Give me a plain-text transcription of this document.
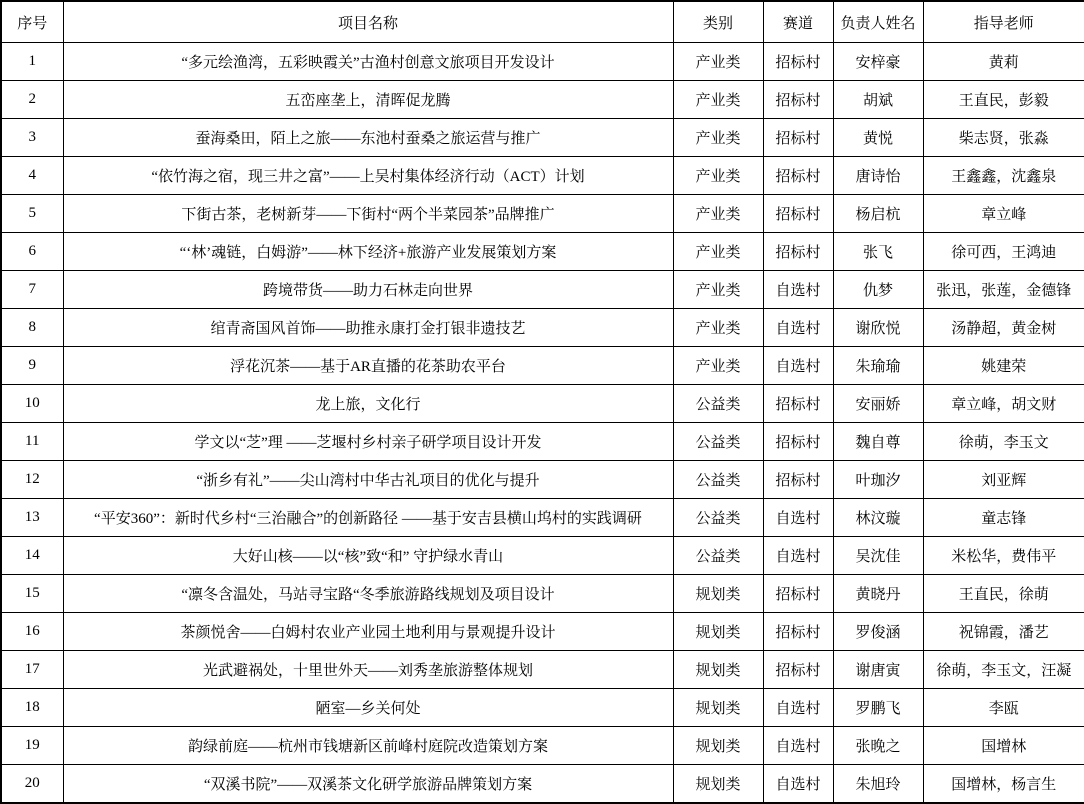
序号	项目名称	类别	赛道	负责人姓名	指导老师
1	“多元绘渔湾，五彩映霞关”古渔村创意文旅项目开发设计	产业类	招标村	安梓豪	黄莉
2	五峦座垄上，清晖促龙腾	产业类	招标村	胡斌	王直民，彭毅
3	蚕海桑田，陌上之旅——东池村蚕桑之旅运营与推广	产业类	招标村	黄悦	柴志贤，张淼
4	“依竹海之宿，现三井之富”——上吴村集体经济行动（ACT）计划	产业类	招标村	唐诗怡	王鑫鑫，沈鑫泉
5	下街古茶，老树新芽——下街村“两个半菜园茶”品牌推广	产业类	招标村	杨启杭	章立峰
6	“‘林’魂链，白姆游”——林下经济+旅游产业发展策划方案	产业类	招标村	张飞	徐可西，王鸿迪
7	跨境带货——助力石林走向世界	产业类	自选村	仇梦	张迅，张莲，金德锋
8	绾青斋国风首饰——助推永康打金打银非遗技艺	产业类	自选村	谢欣悦	汤静超，黄金树
9	浮花沉茶——基于AR直播的花茶助农平台	产业类	自选村	朱瑜瑜	姚建荣
10	龙上旅，文化行	公益类	招标村	安丽娇	章立峰，胡文财
11	学文以“芝”理 ——芝堰村乡村亲子研学项目设计开发	公益类	招标村	魏自尊	徐萌，李玉文
12	“浙乡有礼”——尖山湾村中华古礼项目的优化与提升	公益类	招标村	叶珈汐	刘亚辉
13	“平安360”：新时代乡村“三治融合”的创新路径 ——基于安吉县横山坞村的实践调研	公益类	自选村	林汶璇	童志锋
14	大好山核——以“核”致“和” 守护绿水青山	公益类	自选村	吴沈佳	米松华，费伟平
15	“凛冬含温处，马站寻宝路“冬季旅游路线规划及项目设计	规划类	招标村	黄晓丹	王直民，徐萌
16	茶颜悦舍——白姆村农业产业园土地利用与景观提升设计	规划类	招标村	罗俊涵	祝锦霞，潘艺
17	光武避祸处，十里世外天——刘秀垄旅游整体规划	规划类	招标村	谢唐寅	徐萌，李玉文，汪凝
18	陋室—乡关何处	规划类	自选村	罗鹏飞	李瓯
19	韵绿前庭——杭州市钱塘新区前峰村庭院改造策划方案	规划类	自选村	张晚之	国增林
20	“双溪书院”——双溪茶文化研学旅游品牌策划方案	规划类	自选村	朱旭玲	国增林，杨言生
